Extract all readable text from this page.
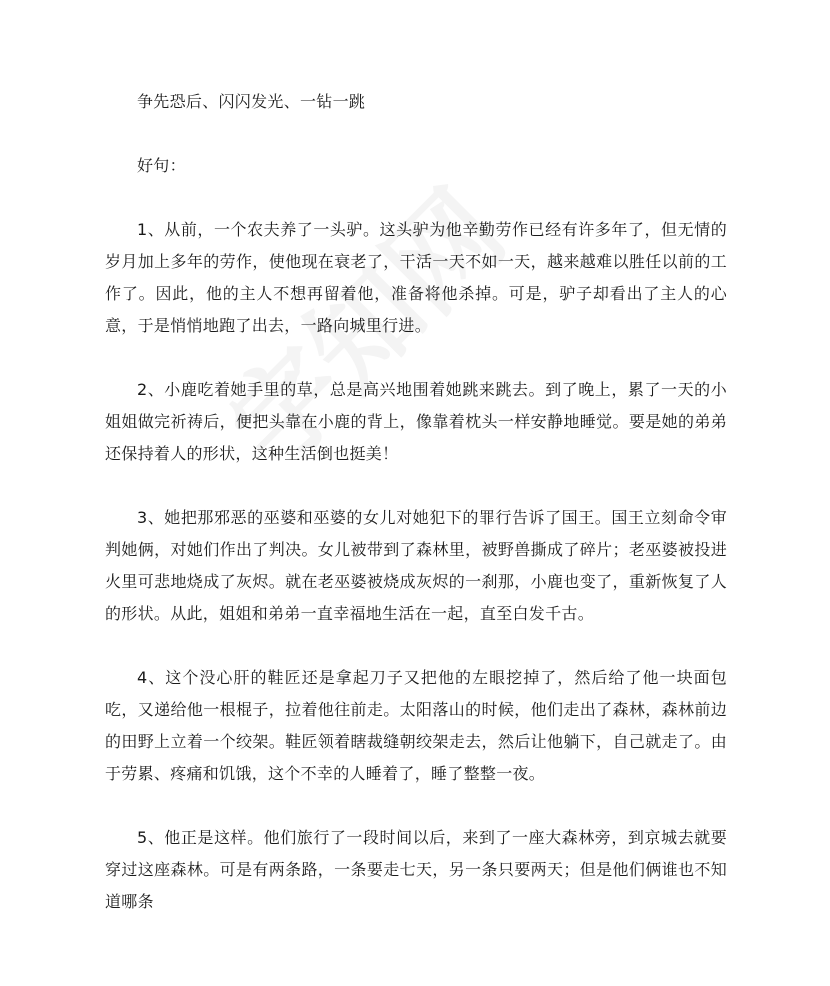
争先恐后、闪闪发光、一钻一跳

好句：

1、从前，一个农夫养了一头驴。这头驴为他辛勤劳作已经有许多年了，但无情的岁月加上多年的劳作，使他现在衰老了，干活一天不如一天，越来越难以胜任以前的工作了。因此，他的主人不想再留着他，准备将他杀掉。可是，驴子却看出了主人的心意，于是悄悄地跑了出去，一路向城里行进。

2、小鹿吃着她手里的草，总是高兴地围着她跳来跳去。到了晚上，累了一天的小姐姐做完祈祷后，便把头靠在小鹿的背上，像靠着枕头一样安静地睡觉。要是她的弟弟还保持着人的形状，这种生活倒也挺美！

3、她把那邪恶的巫婆和巫婆的女儿对她犯下的罪行告诉了国王。国王立刻命令审判她俩，对她们作出了判决。女儿被带到了森林里，被野兽撕成了碎片；老巫婆被投进火里可悲地烧成了灰烬。就在老巫婆被烧成灰烬的一刹那，小鹿也变了，重新恢复了人的形状。从此，姐姐和弟弟一直幸福地生活在一起，直至白发千古。

4、这个没心肝的鞋匠还是拿起刀子又把他的左眼挖掉了，然后给了他一块面包吃，又递给他一根棍子，拉着他往前走。太阳落山的时候，他们走出了森林，森林前边的田野上立着一个绞架。鞋匠领着瞎裁缝朝绞架走去，然后让他躺下，自己就走了。由于劳累、疼痛和饥饿，这个不幸的人睡着了，睡了整整一夜。

5、他正是这样。他们旅行了一段时间以后，来到了一座大森林旁，到京城去就要穿过这座森林。可是有两条路，一条要走七天，另一条只要两天；但是他们俩谁也不知道哪条
